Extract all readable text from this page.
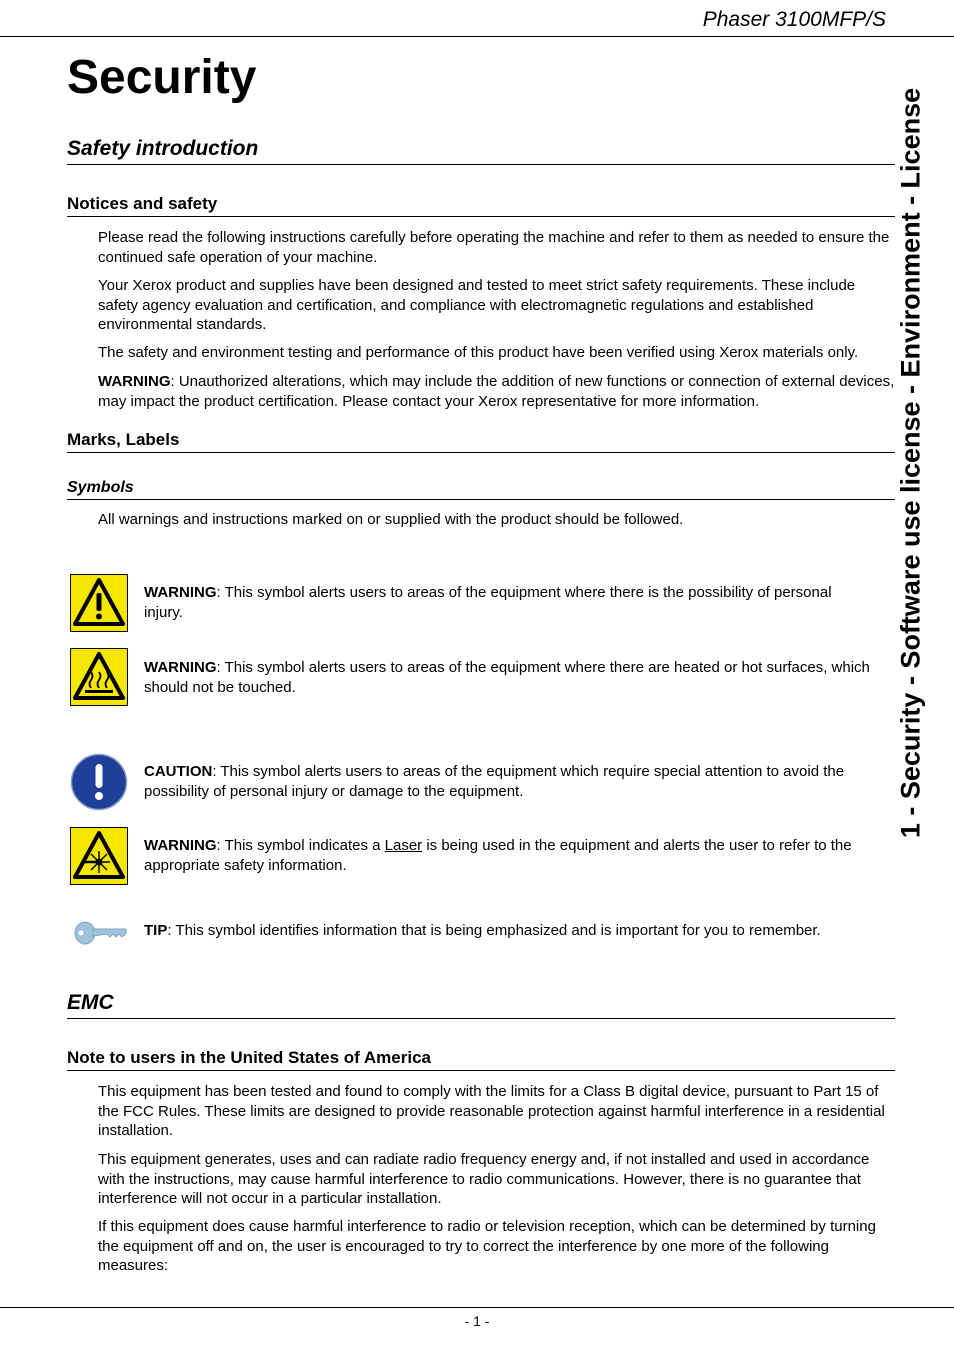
Phaser 3100MFP/S
1 - Security - Software use license - Environment - License
Security
Safety introduction
Notices and safety
Please read the following instructions carefully before operating the machine and refer to them as needed to ensure the continued safe operation of your machine.
Your Xerox product and supplies have been designed and tested to meet strict safety requirements. These include safety agency evaluation and certification, and compliance with electromagnetic regulations and established environmental standards.
The safety and environment testing and performance of this product have been verified using Xerox materials only.
WARNING: Unauthorized alterations, which may include the addition of new functions or connection of external devices, may impact the product certification. Please contact your Xerox representative for more information.
Marks, Labels
Symbols
All warnings and instructions marked on or supplied with the product should be followed.
WARNING: This symbol alerts users to areas of the equipment where there is the possibility of personal injury.
WARNING: This symbol alerts users to areas of the equipment where there are heated or hot surfaces, which should not be touched.
CAUTION: This symbol alerts users to areas of the equipment which require special attention to avoid the possibility of personal injury or damage to the equipment.
WARNING: This symbol indicates a Laser is being used in the equipment and alerts the user to refer to the appropriate safety information.
TIP: This symbol identifies information that is being emphasized and is important for you to remember.
EMC
Note to users in the United States of America
This equipment has been tested and found to comply with the limits for a Class B digital device, pursuant to Part 15 of the FCC Rules. These limits are designed to provide reasonable protection against harmful interference in a residential installation.
This equipment generates, uses and can radiate radio frequency energy and, if not installed and used in accordance with the instructions, may cause harmful interference to radio communications. However, there is no guarantee that interference will not occur in a particular installation.
If this equipment does cause harmful interference to radio or television reception, which can be determined by turning the equipment off and on, the user is encouraged to try to correct the interference by one more of the following measures:
- 1 -
